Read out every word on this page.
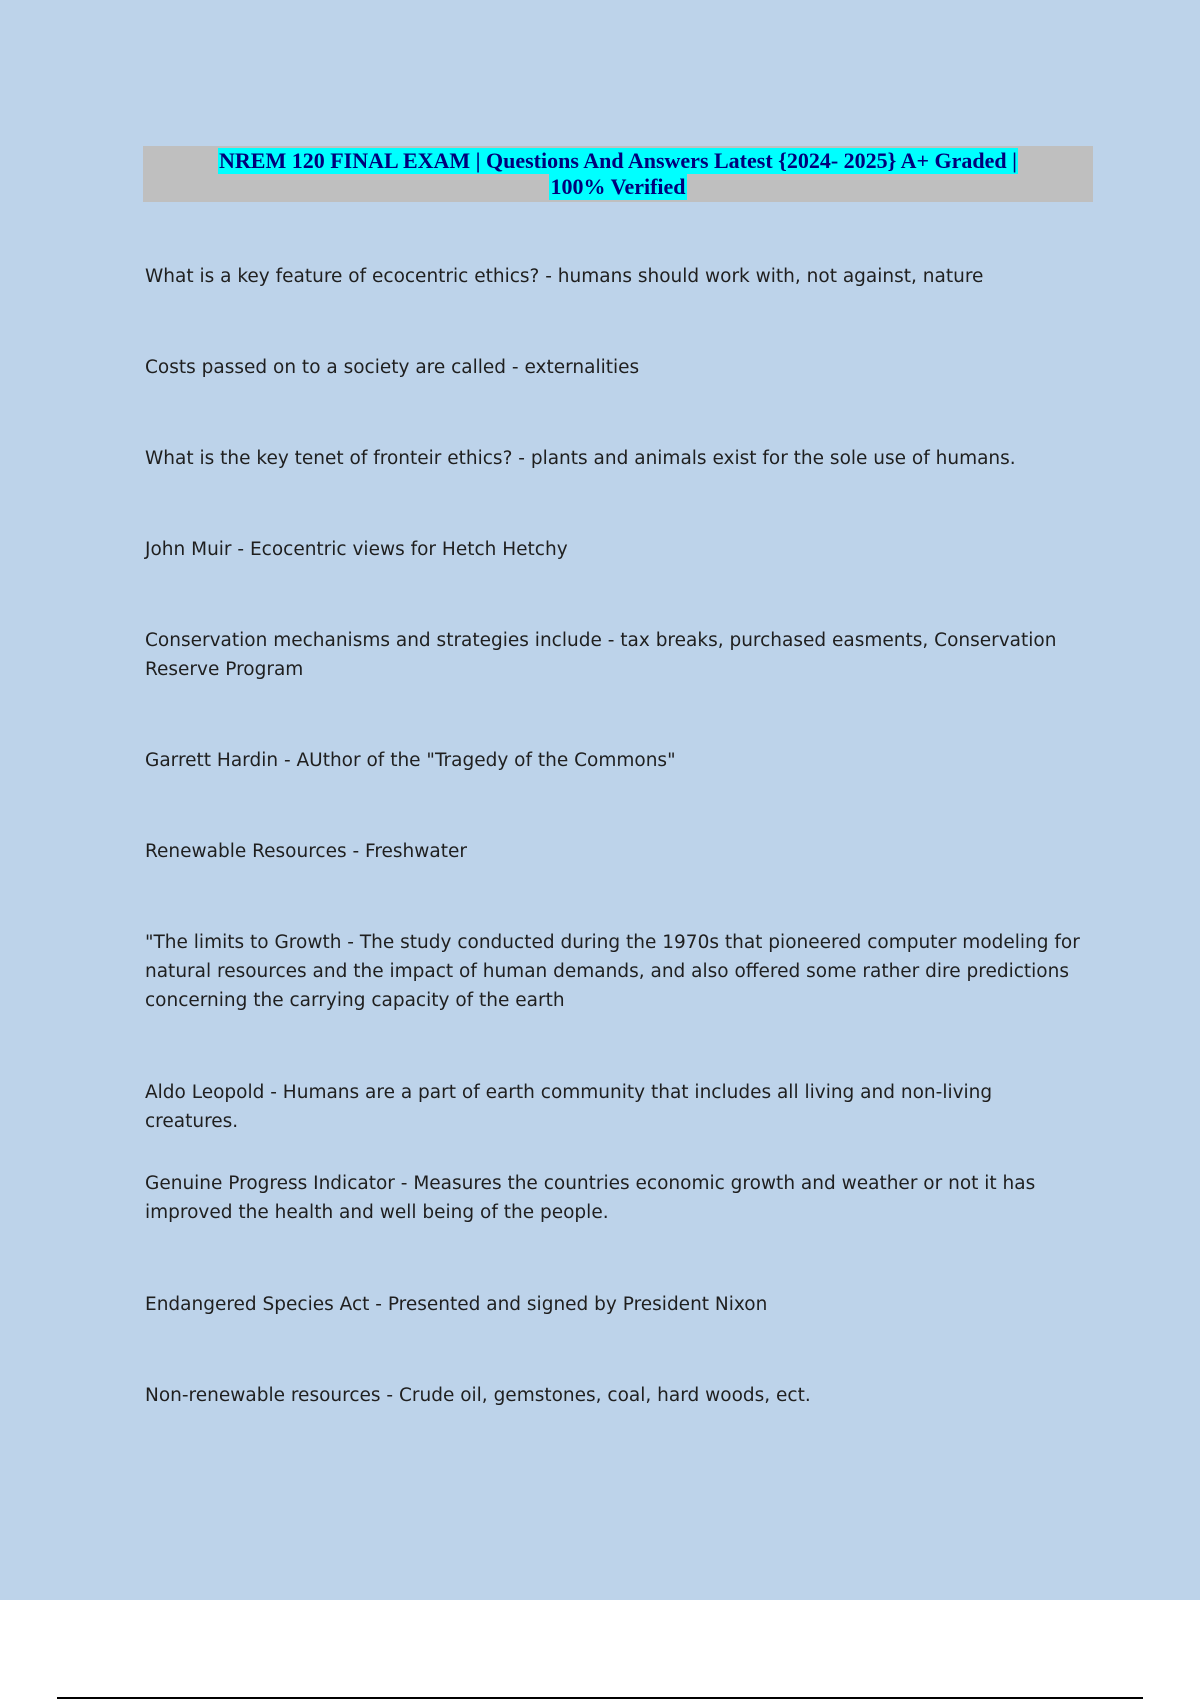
NREM 120 FINAL EXAM | Questions And Answers Latest {2024- 2025} A+ Graded |
100% Verified
What is a key feature of ecocentric ethics? - humans should work with, not against, nature
Costs passed on to a society are called - externalities
What is the key tenet of fronteir ethics? - plants and animals exist for the sole use of humans.
John Muir - Ecocentric views for Hetch Hetchy
Conservation mechanisms and strategies include - tax breaks, purchased easments, Conservation Reserve Program
Garrett Hardin - AUthor of the "Tragedy of the Commons"
Renewable Resources - Freshwater
"The limits to Growth - The study conducted during the 1970s that pioneered computer modeling for natural resources and the impact of human demands, and also offered some rather dire predictions concerning the carrying capacity of the earth
Aldo Leopold - Humans are a part of earth community that includes all living and non-living creatures.
Genuine Progress Indicator - Measures the countries economic growth and weather or not it has improved the health and well being of the people.
Endangered Species Act - Presented and signed by President Nixon
Non-renewable resources - Crude oil, gemstones, coal, hard woods, ect.
